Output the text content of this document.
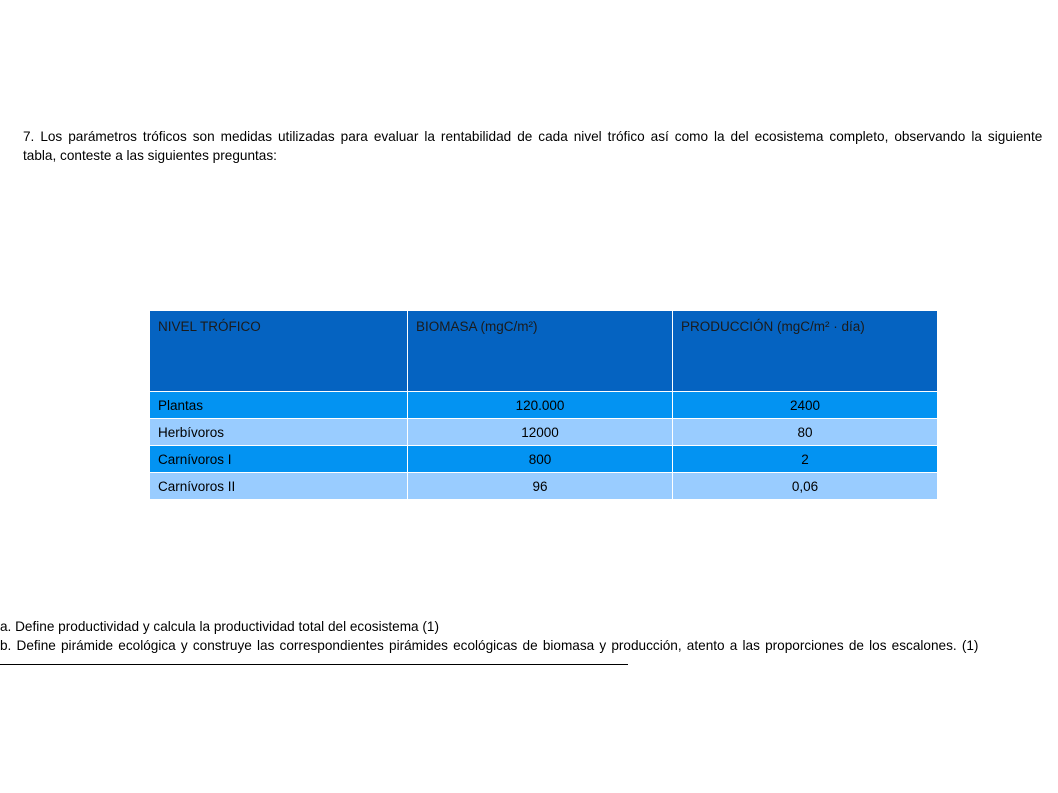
7. Los parámetros tróficos son medidas utilizadas para evaluar la rentabilidad de cada nivel trófico así como la del ecosistema completo, observando la siguiente
tabla, conteste a las siguientes preguntas:
NIVEL TRÓFICO	BIOMASA (mgC/m²)	PRODUCCIÓN (mgC/m² · día)
Plantas	120.000	2400
Herbívoros	12000	80
Carnívoros I	800	2
Carnívoros II	96	0,06
a. Define productividad y calcula la productividad total del ecosistema (1)
b. Define pirámide ecológica y construye las correspondientes pirámides ecológicas de biomasa y producción, atento a las proporciones de los escalones. (1)
